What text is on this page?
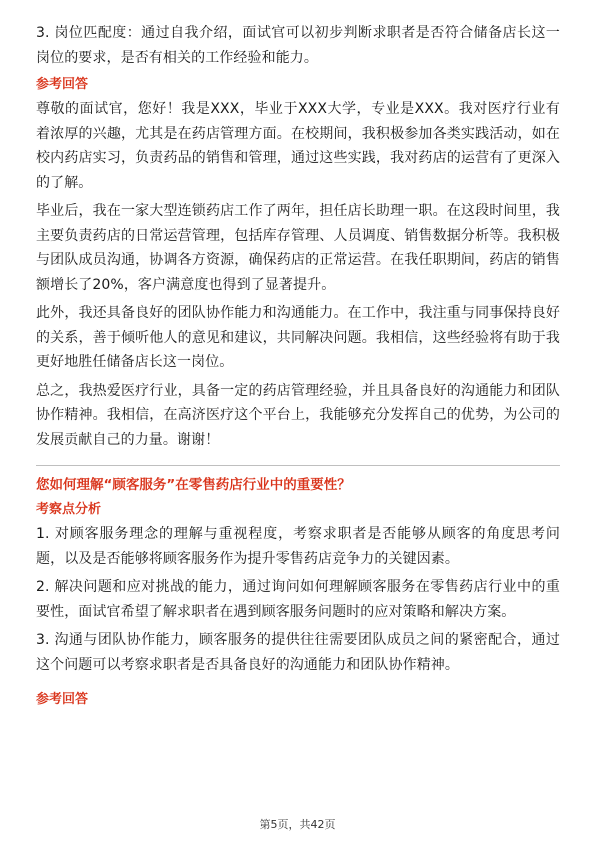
3. 岗位匹配度：通过自我介绍，面试官可以初步判断求职者是否符合储备店长这一岗位的要求，是否有相关的工作经验和能力。

参考回答

尊敬的面试官，您好！我是XXX，毕业于XXX大学，专业是XXX。我对医疗行业有着浓厚的兴趣，尤其是在药店管理方面。在校期间，我积极参加各类实践活动，如在校内药店实习，负责药品的销售和管理，通过这些实践，我对药店的运营有了更深入的了解。

毕业后，我在一家大型连锁药店工作了两年，担任店长助理一职。在这段时间里，我主要负责药店的日常运营管理，包括库存管理、人员调度、销售数据分析等。我积极与团队成员沟通，协调各方资源，确保药店的正常运营。在我任职期间，药店的销售额增长了20%，客户满意度也得到了显著提升。

此外，我还具备良好的团队协作能力和沟通能力。在工作中，我注重与同事保持良好的关系，善于倾听他人的意见和建议，共同解决问题。我相信，这些经验将有助于我更好地胜任储备店长这一岗位。

总之，我热爱医疗行业，具备一定的药店管理经验，并且具备良好的沟通能力和团队协作精神。我相信，在高济医疗这个平台上，我能够充分发挥自己的优势，为公司的发展贡献自己的力量。谢谢！

您如何理解“顾客服务”在零售药店行业中的重要性？
考察点分析

1. 对顾客服务理念的理解与重视程度，考察求职者是否能够从顾客的角度思考问题，以及是否能够将顾客服务作为提升零售药店竞争力的关键因素。

2. 解决问题和应对挑战的能力，通过询问如何理解顾客服务在零售药店行业中的重要性，面试官希望了解求职者在遇到顾客服务问题时的应对策略和解决方案。

3. 沟通与团队协作能力，顾客服务的提供往往需要团队成员之间的紧密配合，通过这个问题可以考察求职者是否具备良好的沟通能力和团队协作精神。

参考回答
第5页，共42页
